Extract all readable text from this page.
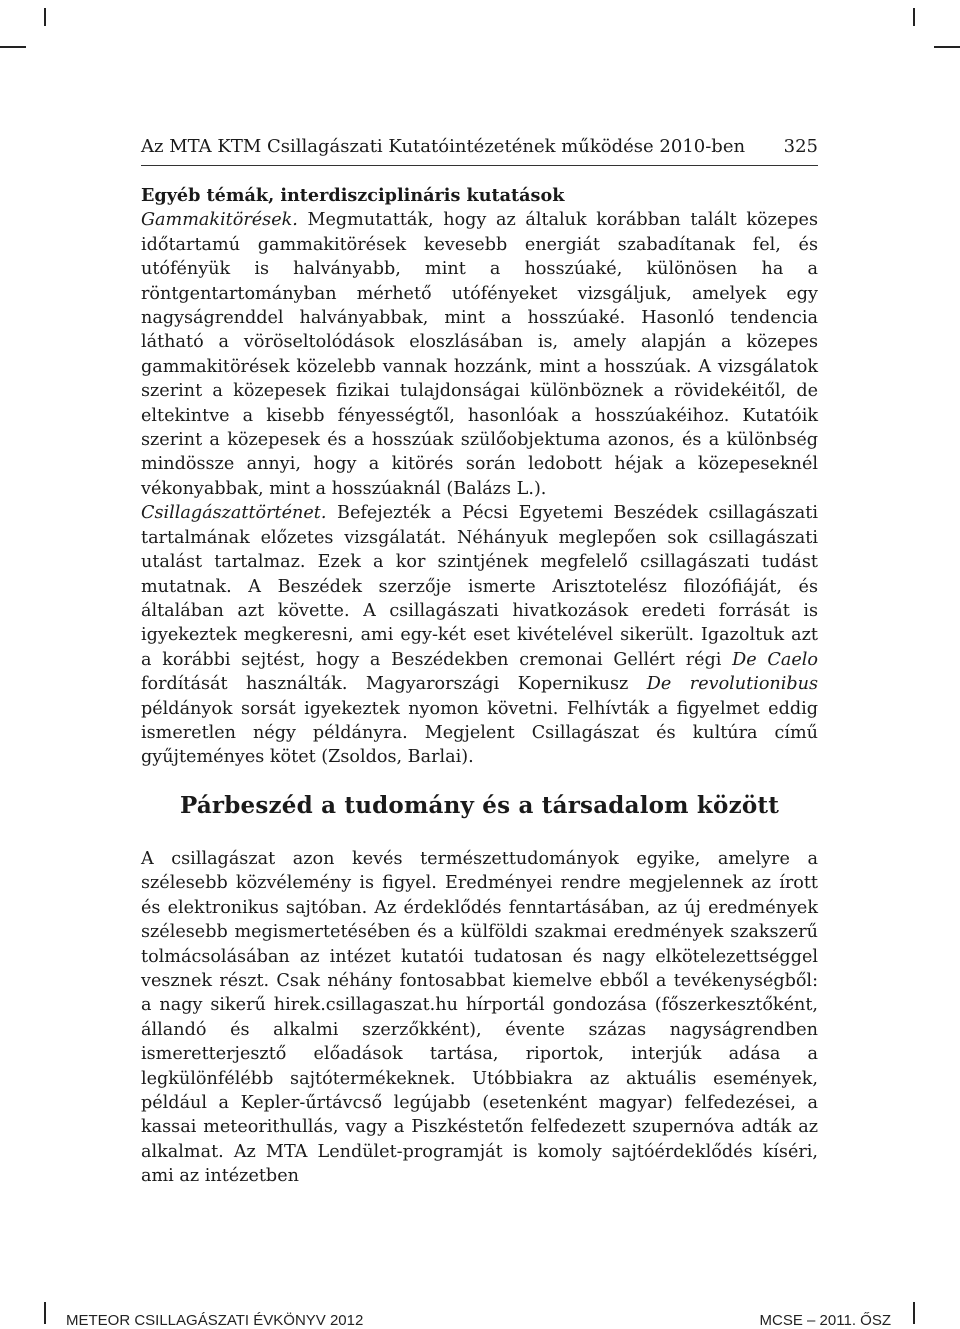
Az MTA KTM Csillagászati Kutatóintézetének működése 2010-ben 325
Egyéb témák, interdiszciplináris kutatások

Gammakitörések. Megmutatták, hogy az általuk korábban talált közepes időtartamú gammakitörések kevesebb energiát szabadítanak fel, és utófényük is halványabb, mint a hosszúaké, különösen ha a röntgentartományban mérhető utófényeket vizsgáljuk, amelyek egy nagyságrenddel halványabbak, mint a hosszúaké. Hasonló tendencia látható a vöröseltolódások eloszlásában is, amely alapján a közepes gammakitörések közelebb vannak hozzánk, mint a hosszúak. A vizsgálatok szerint a közepesek fizikai tulajdonságai különböznek a rövidekéitől, de eltekintve a kisebb fényességtől, hasonlóak a hosszúakéihoz. Kutatóik szerint a közepesek és a hosszúak szülőobjektuma azonos, és a különbség mindössze annyi, hogy a kitörés során ledobott héjak a közepeseknél vékonyabbak, mint a hosszúaknál (Balázs L.).

Csillagászattörténet. Befejezték a Pécsi Egyetemi Beszédek csillagászati tartalmának előzetes vizsgálatát. Néhányuk meglepően sok csillagászati utalást tartalmaz. Ezek a kor szintjének megfelelő csillagászati tudást mutatnak. A Beszédek szerzője ismerte Arisztotelész filozófiáját, és általában azt követte. A csillagászati hivatkozások eredeti forrását is igyekeztek megkeresni, ami egy-két eset kivételével sikerült. Igazoltuk azt a korábbi sejtést, hogy a Beszédekben cremonai Gellért régi De Caelo fordítását használták. Magyarországi Kopernikusz De revolutionibus példányok sorsát igyekeztek nyomon követni. Felhívták a figyelmet eddig ismeretlen négy példányra. Megjelent Csillagászat és kultúra című gyűjteményes kötet (Zsoldos, Barlai).

Párbeszéd a tudomány és a társadalom között

A csillagászat azon kevés természettudományok egyike, amelyre a szélesebb közvélemény is figyel. Eredményei rendre megjelennek az írott és elektronikus sajtóban. Az érdeklődés fenntartásában, az új eredmények szélesebb megismertetésében és a külföldi szakmai eredmények szakszerű tolmácsolásában az intézet kutatói tudatosan és nagy elkötelezettséggel vesznek részt. Csak néhány fontosabbat kiemelve ebből a tevékenységből: a nagy sikerű hirek.csillagaszat.hu hírportál gondozása (főszerkesztőként, állandó és alkalmi szerzőkként), évente százas nagyságrendben ismeretterjesztő előadások tartása, riportok, interjúk adása a legkülönfélébb sajtótermékeknek. Utóbbiakra az aktuális események, például a Kepler-űrtávcső legújabb (esetenként magyar) felfedezései, a kassai meteorithullás, vagy a Piszkéstetőn felfedezett szupernóva adták az alkalmat. Az MTA Lendület-programját is komoly sajtóérdeklődés kíséri, ami az intézetben

METEOR CSILLAGÁSZATI ÉVKÖNYV 2012	MCSE – 2011. ŐSZ
